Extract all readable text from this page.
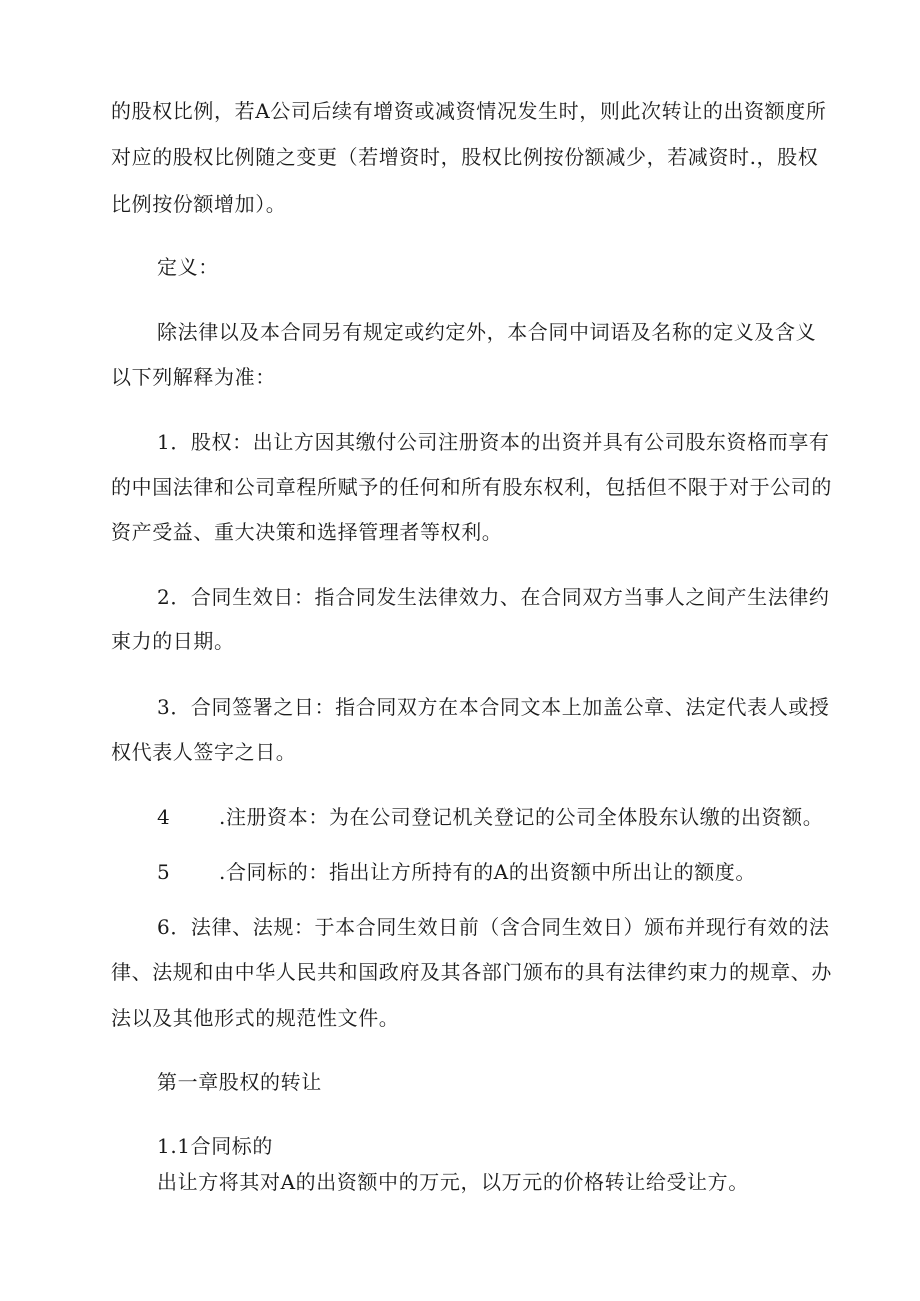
的股权比例，若A公司后续有增资或减资情况发生时，则此次转让的出资额度所

对应的股权比例随之变更（若增资时，股权比例按份额减少，若减资时.，股权

比例按份额增加）。

定义：

除法律以及本合同另有规定或约定外，本合同中词语及名称的定义及含义

以下列解释为准：

1．股权：出让方因其缴付公司注册资本的出资并具有公司股东资格而享有

的中国法律和公司章程所赋予的任何和所有股东权利，包括但不限于对于公司的

资产受益、重大决策和选择管理者等权利。

2．合同生效日：指合同发生法律效力、在合同双方当事人之间产生法律约

束力的日期。

3．合同签署之日：指合同双方在本合同文本上加盖公章、法定代表人或授

权代表人签字之日。

4 .注册资本：为在公司登记机关登记的公司全体股东认缴的出资额。

5 .合同标的：指出让方所持有的A的出资额中所出让的额度。

6．法律、法规：于本合同生效日前（含合同生效日）颁布并现行有效的法

律、法规和由中华人民共和国政府及其各部门颁布的具有法律约束力的规章、办

法以及其他形式的规范性文件。

第一章股权的转让

1.1合同标的

出让方将其对A的出资额中的万元，以万元的价格转让给受让方。
